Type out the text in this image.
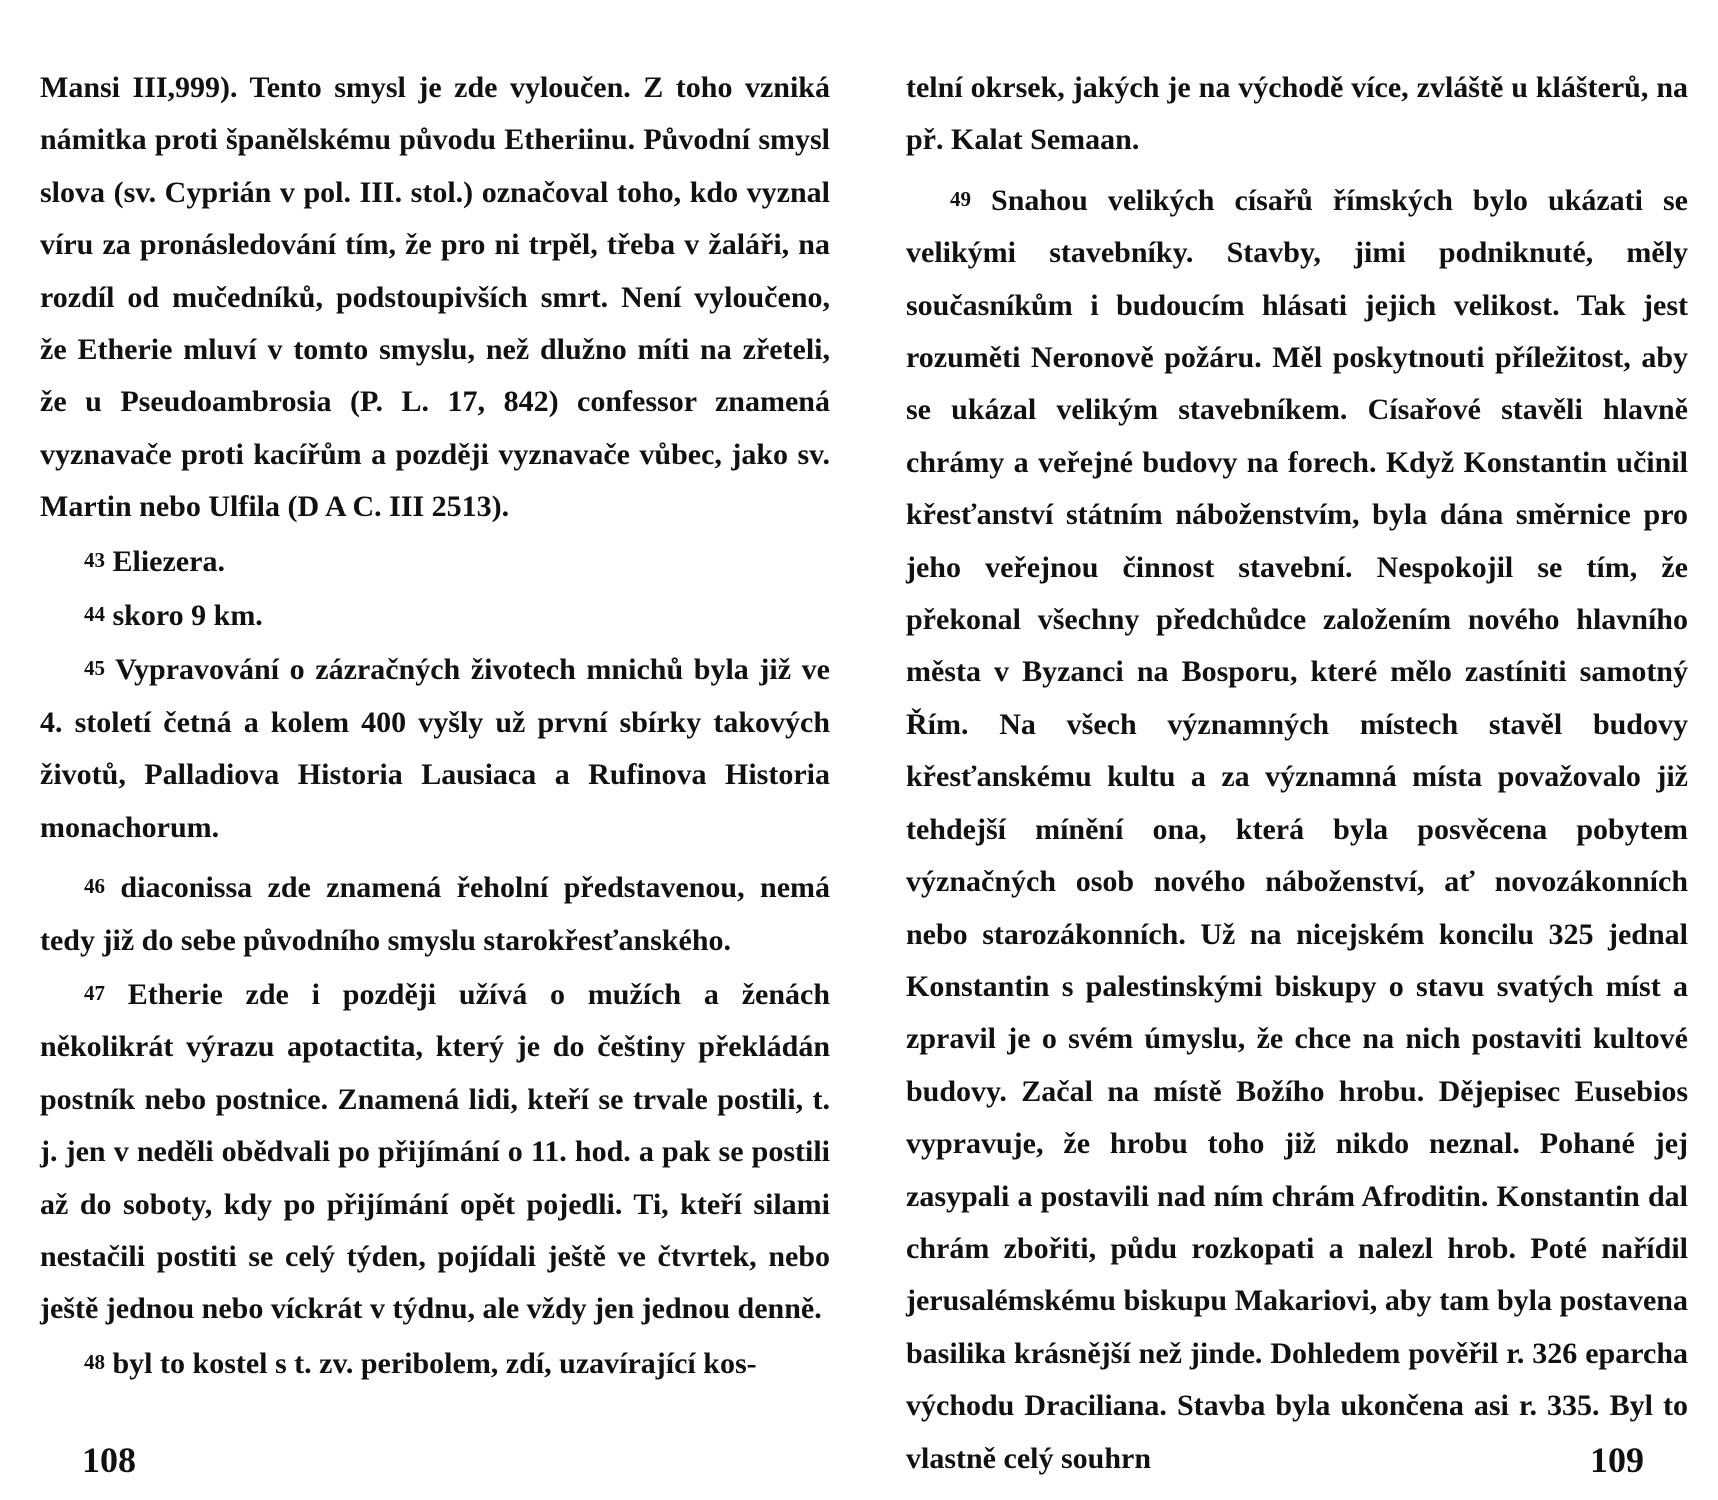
Mansi III,999). Tento smysl je zde vyloučen. Z toho vzniká námitka proti španělskému původu Etheriinu. Původní smysl slova (sv. Cyprián v pol. III. stol.) označoval toho, kdo vyznal víru za pronásledování tím, že pro ni trpěl, třeba v žaláři, na rozdíl od mučedníků, podstoupivších smrt. Není vyloučeno, že Etherie mluví v tomto smyslu, než dlužno míti na zřeteli, že u Pseudoambrosia (P. L. 17, 842) confessor znamená vyznavače proti kacířům a později vyznavače vůbec, jako sv. Martin nebo Ulfila (D A C. III 2513).

43 Eliezera.

44 skoro 9 km.

45 Vypravování o zázračných životech mnichů byla již ve 4. století četná a kolem 400 vyšly už první sbírky takových životů, Palladiova Historia Lausiaca a Rufinova Historia monachorum.

46 diaconissa zde znamená řeholní představenou, nemá tedy již do sebe původního smyslu starokřesťanského.

47 Etherie zde i později užívá o mužích a ženách několikrát výrazu apotactita, který je do češtiny překládán postník nebo postnice. Znamená lidi, kteří se trvale postili, t. j. jen v neděli obědvali po přijímání o 11. hod. a pak se postili až do soboty, kdy po přijímání opět pojedli. Ti, kteří silami nestačili postiti se celý týden, pojídali ještě ve čtvrtek, nebo ještě jednou nebo víckrát v týdnu, ale vždy jen jednou denně.

48 byl to kostel s t. zv. peribolem, zdí, uzavírající kos-

108

telní okrsek, jakých je na východě více, zvláště u klášterů, na př. Kalat Semaan.

49 Snahou velikých císařů římských bylo ukázati se velikými stavebníky. Stavby, jimi podniknuté, měly současníkům i budoucím hlásati jejich velikost. Tak jest rozuměti Neronově požáru. Měl poskytnouti příležitost, aby se ukázal velikým stavebníkem. Císařové stavěli hlavně chrámy a veřejné budovy na forech. Když Konstantin učinil křesťanství státním náboženstvím, byla dána směrnice pro jeho veřejnou činnost stavební. Nespokojil se tím, že překonal všechny předchůdce založením nového hlavního města v Byzanci na Bosporu, které mělo zastíniti samotný Řím. Na všech významných místech stavěl budovy křesťanskému kultu a za významná místa považovalo již tehdejší mínění ona, která byla posvěcena pobytem význačných osob nového náboženství, ať novozákonních nebo starozákonních. Už na nicejském koncilu 325 jednal Konstantin s palestinskými biskupy o stavu svatých míst a zpravil je o svém úmyslu, že chce na nich postaviti kultové budovy. Začal na místě Božího hrobu. Dějepisec Eusebios vypravuje, že hrobu toho již nikdo neznal. Pohané jej zasypali a postavili nad ním chrám Afroditin. Konstantin dal chrám zbořiti, půdu rozkopati a nalezl hrob. Poté nařídil jerusalémskému biskupu Makariovi, aby tam byla postavena basilika krásnější než jinde. Dohledem pověřil r. 326 eparcha východu Draciliana. Stavba byla ukončena asi r. 335. Byl to vlastně celý souhrn	109
